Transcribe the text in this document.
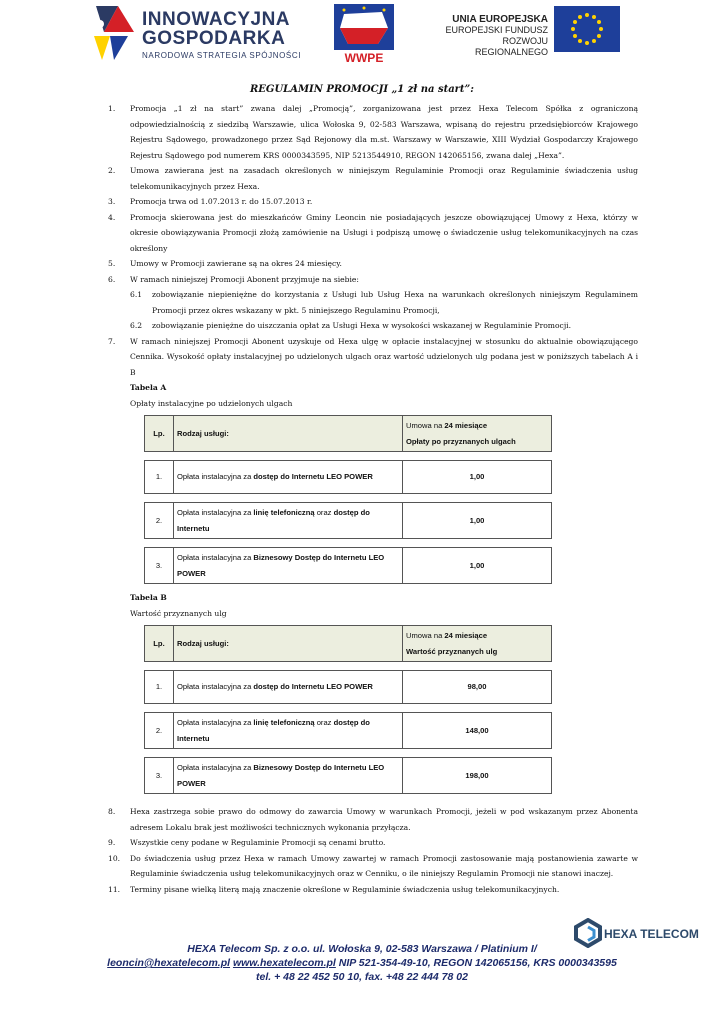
INNOWACYJNA
GOSPODARKA
NARODOWA STRATEGIA SPÓJNOŚCI	WWPE
UNIA EUROPEJSKA
EUROPEJSKI FUNDUSZ
ROZWOJU REGIONALNEGO
REGULAMIN PROMOCJI „1 zł na start”:
1. Promocja „1 zł na start” zwana dalej „Promocją”, zorganizowana jest przez Hexa Telecom Spółka z ograniczoną odpowiedzialnością z siedzibą Warszawie, ulica Wołoska 9, 02-583 Warszawa, wpisaną do rejestru przedsiębiorców Krajowego Rejestru Sądowego, prowadzonego przez Sąd Rejonowy dla m.st. Warszawy w Warszawie, XIII Wydział Gospodarczy Krajowego Rejestru Sądowego pod numerem KRS 0000343595, NIP 5213544910, REGON 142065156, zwana dalej „Hexa”.
2. Umowa zawierana jest na zasadach określonych w niniejszym Regulaminie Promocji oraz Regulaminie świadczenia usług telekomunikacyjnych przez Hexa.
3. Promocja trwa od 1.07.2013 r. do 15.07.2013 r.
4. Promocja skierowana jest do mieszkańców Gminy Leoncin nie posiadających jeszcze obowiązującej Umowy z Hexa, którzy w okresie obowiązywania Promocji złożą zamówienie na Usługi i podpiszą umowę o świadczenie usług telekomunikacyjnych na czas określony
5. Umowy w Promocji zawierane są na okres 24 miesięcy.
6. W ramach niniejszej Promocji Abonent przyjmuje na siebie:
6.1 zobowiązanie niepieniężne do korzystania z Usługi lub Usług Hexa na warunkach określonych niniejszym Regulaminem Promocji przez okres wskazany w pkt. 5 niniejszego Regulaminu Promocji,
6.2 zobowiązanie pieniężne do uiszczania opłat za Usługi Hexa w wysokości wskazanej w Regulaminie Promocji.
7. W ramach niniejszej Promocji Abonent uzyskuje od Hexa ulgę w opłacie instalacyjnej w stosunku do aktualnie obowiązującego Cennika. Wysokość opłaty instalacyjnej po udzielonych ulgach oraz wartość udzielonych ulg podana jest w poniższych tabelach A i B
Tabela A
Opłaty instalacyjne po udzielonych ulgach
Lp.	Rodzaj usługi:	Umowa na 24 miesiące
Opłaty po przyznanych ulgach

1.	Opłata instalacyjna za dostęp do Internetu LEO POWER	1,00

2.	Opłata instalacyjna za linię telefoniczną oraz dostęp do Internetu	1,00

3.	Opłata instalacyjna za Biznesowy Dostęp do Internetu LEO POWER	1,00
Tabela B
Wartość przyznanych ulg
Lp.	Rodzaj usługi:	Umowa na 24 miesiące
Wartość przyznanych ulg

1.	Opłata instalacyjna za dostęp do Internetu LEO POWER	98,00

2.	Opłata instalacyjna za linię telefoniczną oraz dostęp do Internetu	148,00

3.	Opłata instalacyjna za Biznesowy Dostęp do Internetu LEO POWER	198,00
8. Hexa zastrzega sobie prawo do odmowy do zawarcia Umowy w warunkach Promocji, jeżeli w pod wskazanym przez Abonenta adresem Lokalu brak jest możliwości technicznych wykonania przyłącza.
9. Wszystkie ceny podane w Regulaminie Promocji są cenami brutto.
10. Do świadczenia usług przez Hexa w ramach Umowy zawartej w ramach Promocji zastosowanie mają postanowienia zawarte w Regulaminie świadczenia usług telekomunikacyjnych oraz w Cenniku, o ile niniejszy Regulamin Promocji nie stanowi inaczej.
11. Terminy pisane wielką literą mają znaczenie określone w Regulaminie świadczenia usług telekomunikacyjnych.
HEXA TELECOM
HEXA Telecom Sp. z o.o. ul. Wołoska 9, 02-583 Warszawa / Platinium I/
leoncin@hexatelecom.pl www.hexatelecom.pl NIP 521-354-49-10, REGON 142065156, KRS 0000343595
tel. + 48 22 452 50 10, fax. +48 22 444 78 02
